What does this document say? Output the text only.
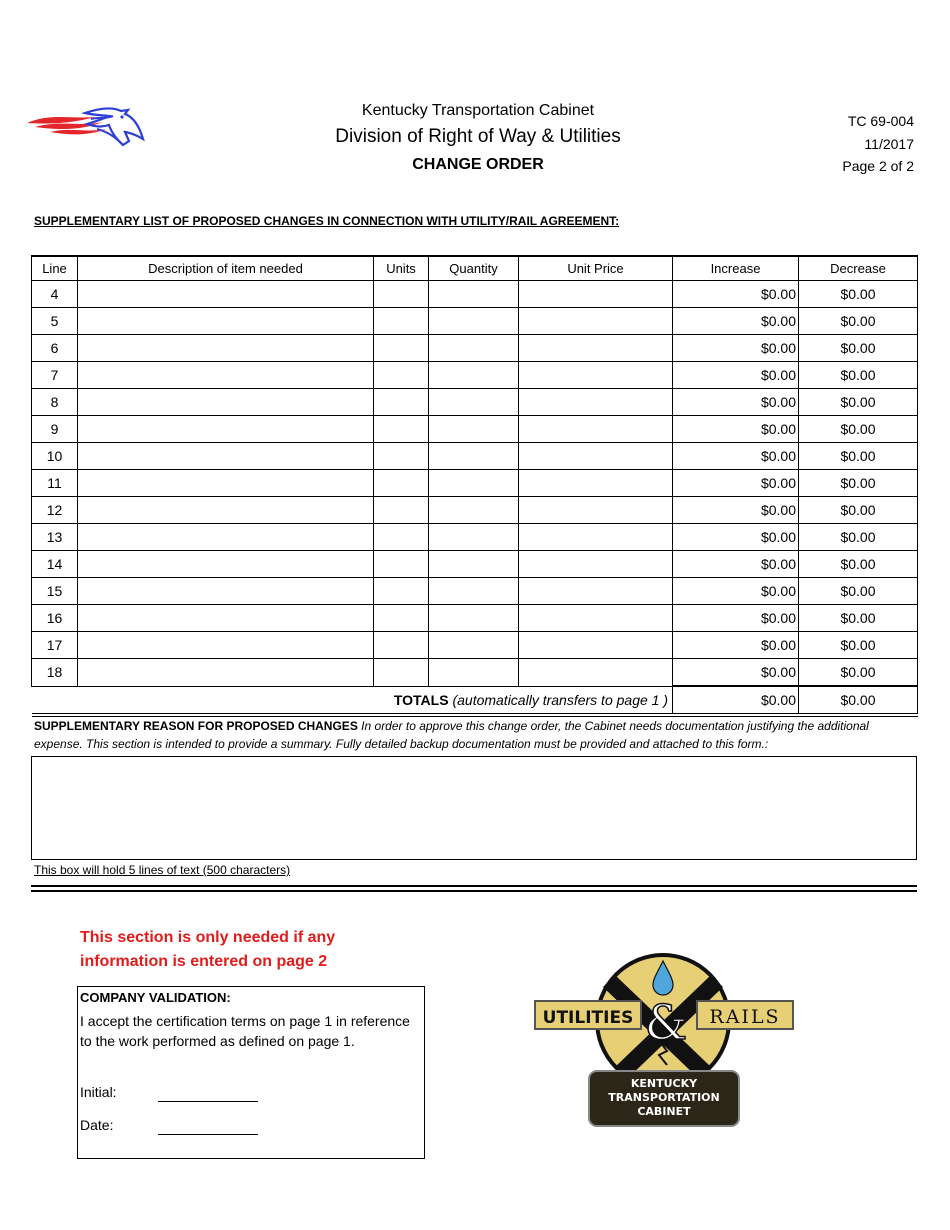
Kentucky Transportation Cabinet
Division of Right of Way & Utilities
CHANGE ORDER
TC 69-004
11/2017
Page 2 of 2
SUPPLEMENTARY LIST OF PROPOSED CHANGES IN CONNECTION WITH UTILITY/RAIL AGREEMENT:
Line	Description of item needed	Units	Quantity	Unit Price	Increase	Decrease
4					$0.00	$0.00
5					$0.00	$0.00
6					$0.00	$0.00
7					$0.00	$0.00
8					$0.00	$0.00
9					$0.00	$0.00
10					$0.00	$0.00
11					$0.00	$0.00
12					$0.00	$0.00
13					$0.00	$0.00
14					$0.00	$0.00
15					$0.00	$0.00
16					$0.00	$0.00
17					$0.00	$0.00
18					$0.00	$0.00
TOTALS (automatically transfers to page 1 )					$0.00	$0.00
SUPPLEMENTARY REASON FOR PROPOSED CHANGES In order to approve this change order, the Cabinet needs documentation justifying the additional expense. This section is intended to provide a summary. Fully detailed backup documentation must be provided and attached to this form.:
This box will hold 5 lines of text (500 characters)
This section is only needed if any information is entered on page 2
COMPANY VALIDATION:
I accept the certification terms on page 1 in reference to the work performed as defined on page 1.
Initial:
Date:
UTILITIES	RAILS
&
KENTUCKY
TRANSPORTATION
CABINET
